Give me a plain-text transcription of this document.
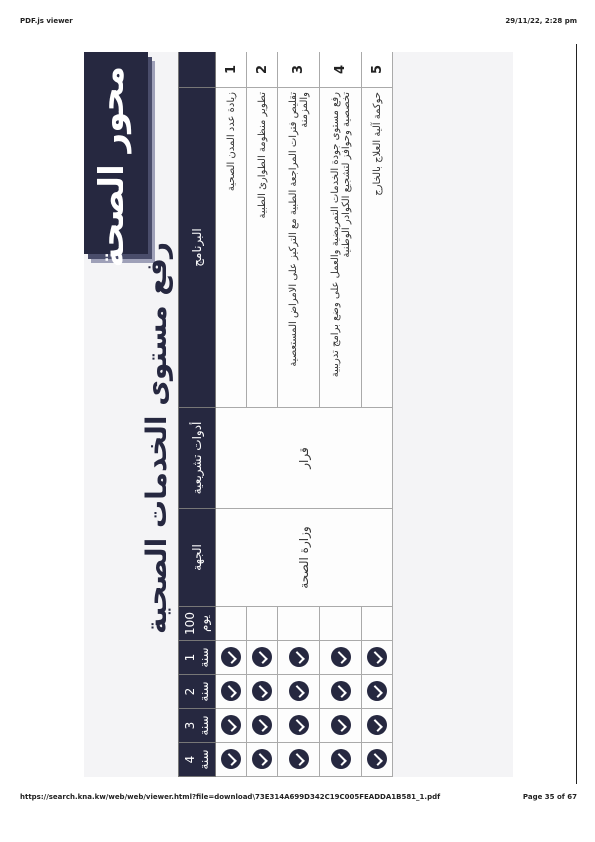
PDF.js viewer	29/11/22, 2:28 pm
محور الصحة
رفع مستوى الخدمات الصحية
4 سنة	3 سنة	2 سنة	1 سنة	100 يوم	الجهة	أدوات تشريعية	البرنامج	
					وزارة الصحة	قرار	زيادة عدد المدن الصحية	1
							تطوير منظومة الطوارئ الطبية	2
							تقليص فترات المراجعة الطبية مع التركيز على الامراض المستعصية والمزمنة	3
							رفع مستوى جودة الخدمات التمريضية والعمل على وضع برامج تدريبية تخصصية وحوافز لتشجيع الكوادر الوطنية	4
							حوكمة آلية العلاج بالخارج	5
https://search.kna.kw/web/web/viewer.html?file=download\73E314A699D342C19C005FEADDA1B581_1.pdf	Page 35 of 67
